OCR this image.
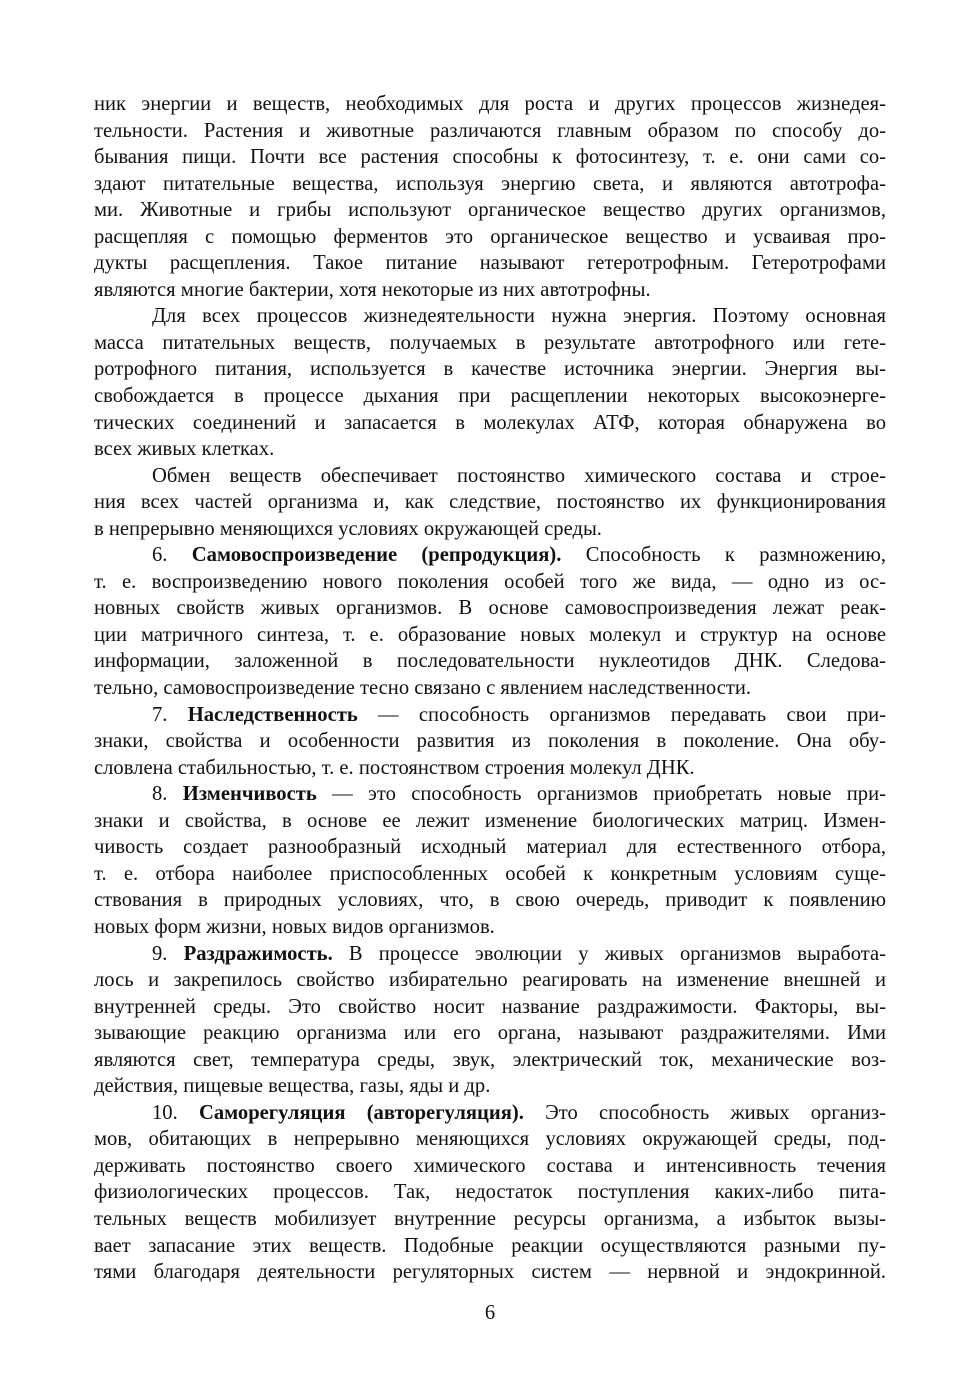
ник энергии и веществ, необходимых для роста и других процессов жизнедея-
тельности. Растения и животные различаются главным образом по способу до-
бывания пищи. Почти все растения способны к фотосинтезу, т. е. они сами со-
здают питательные вещества, используя энергию света, и являются автотрофа-
ми. Животные и грибы используют органическое вещество других организмов,
расщепляя с помощью ферментов это органическое вещество и усваивая про-
дукты расщепления. Такое питание называют гетеротрофным. Гетеротрофами
являются многие бактерии, хотя некоторые из них автотрофны.

Для всех процессов жизнедеятельности нужна энергия. Поэтому основная
масса питательных веществ, получаемых в результате автотрофного или гете-
ротрофного питания, используется в качестве источника энергии. Энергия вы-
свобождается в процессе дыхания при расщеплении некоторых высокоэнерге-
тических соединений и запасается в молекулах АТФ, которая обнаружена во
всех живых клетках.

Обмен веществ обеспечивает постоянство химического состава и строе-
ния всех частей организма и, как следствие, постоянство их функционирования
в непрерывно меняющихся условиях окружающей среды.

6. Самовоспроизведение (репродукция). Способность к размножению,
т. е. воспроизведению нового поколения особей того же вида, — одно из ос-
новных свойств живых организмов. В основе самовоспроизведения лежат реак-
ции матричного синтеза, т. е. образование новых молекул и структур на основе
информации, заложенной в последовательности нуклеотидов ДНК. Следова-
тельно, самовоспроизведение тесно связано с явлением наследственности.

7. Наследственность — способность организмов передавать свои при-
знаки, свойства и особенности развития из поколения в поколение. Она обу-
словлена стабильностью, т. е. постоянством строения молекул ДНК.

8. Изменчивость — это способность организмов приобретать новые при-
знаки и свойства, в основе ее лежит изменение биологических матриц. Измен-
чивость создает разнообразный исходный материал для естественного отбора,
т. е. отбора наиболее приспособленных особей к конкретным условиям суще-
ствования в природных условиях, что, в свою очередь, приводит к появлению
новых форм жизни, новых видов организмов.

9. Раздражимость. В процессе эволюции у живых организмов выработа-
лось и закрепилось свойство избирательно реагировать на изменение внешней и
внутренней среды. Это свойство носит название раздражимости. Факторы, вы-
зывающие реакцию организма или его органа, называют раздражителями. Ими
являются свет, температура среды, звук, электрический ток, механические воз-
действия, пищевые вещества, газы, яды и др.

10. Саморегуляция (авторегуляция). Это способность живых организ-
мов, обитающих в непрерывно меняющихся условиях окружающей среды, под-
держивать постоянство своего химического состава и интенсивность течения
физиологических процессов. Так, недостаток поступления каких-либо пита-
тельных веществ мобилизует внутренние ресурсы организма, а избыток вызы-
вает запасание этих веществ. Подобные реакции осуществляются разными пу-
тями благодаря деятельности регуляторных систем — нервной и эндокринной.

6
